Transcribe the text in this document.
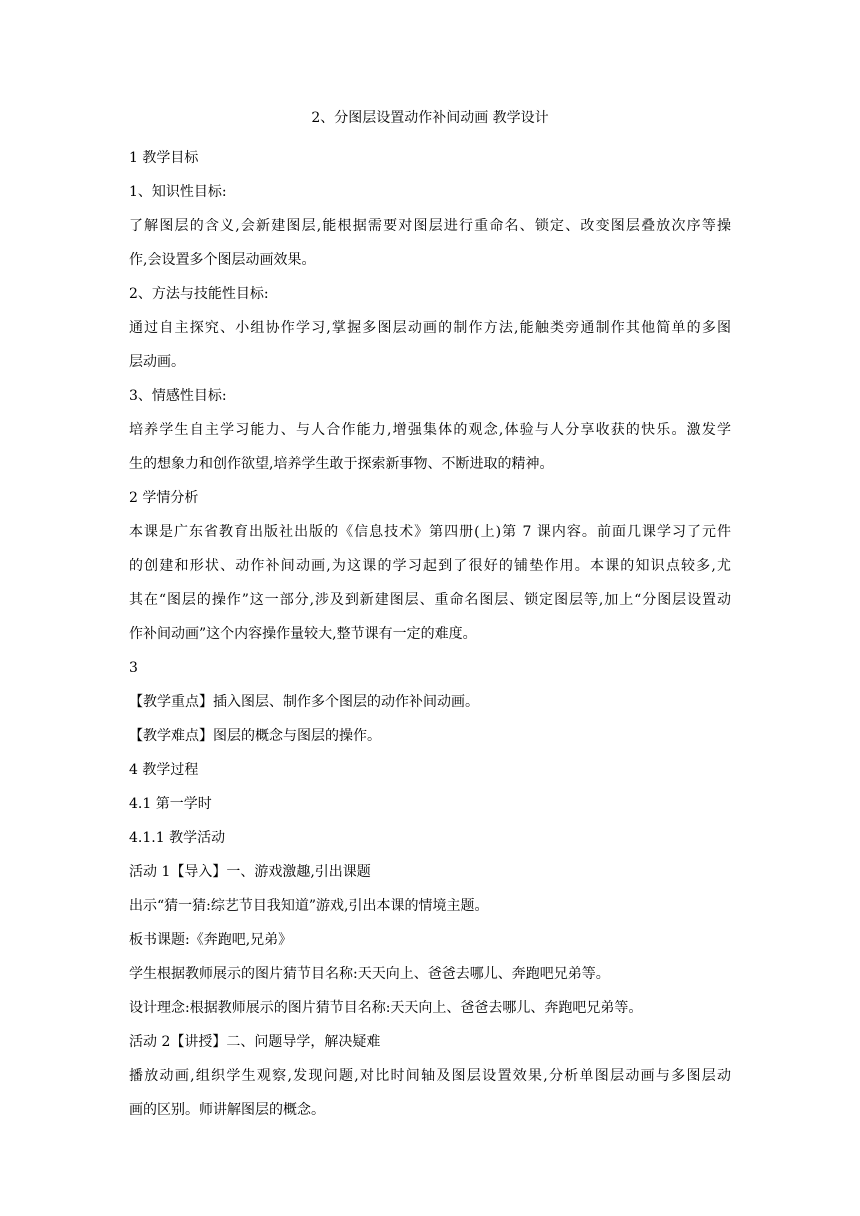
2、分图层设置动作补间动画 教学设计

1 教学目标

1、知识性目标:

了解图层的含义,会新建图层,能根据需要对图层进行重命名、锁定、改变图层叠放次序等操
作,会设置多个图层动画效果。

2、方法与技能性目标:

通过自主探究、小组协作学习,掌握多图层动画的制作方法,能触类旁通制作其他简单的多图
层动画。

3、情感性目标:

培养学生自主学习能力、与人合作能力,增强集体的观念,体验与人分享收获的快乐。激发学
生的想象力和创作欲望,培养学生敢于探索新事物、不断进取的精神。

2 学情分析

本课是广东省教育出版社出版的《信息技术》第四册(上)第 7 课内容。前面几课学习了元件
的创建和形状、动作补间动画,为这课的学习起到了很好的铺垫作用。本课的知识点较多,尤
其在“图层的操作”这一部分,涉及到新建图层、重命名图层、锁定图层等,加上“分图层设置动
作补间动画”这个内容操作量较大,整节课有一定的难度。

3

【教学重点】插入图层、制作多个图层的动作补间动画。

【教学难点】图层的概念与图层的操作。

4 教学过程

4.1 第一学时

4.1.1 教学活动

活动 1【导入】一、游戏激趣,引出课题

出示“猜一猜:综艺节目我知道”游戏,引出本课的情境主题。

板书课题:《奔跑吧,兄弟》

学生根据教师展示的图片猜节目名称:天天向上、爸爸去哪儿、奔跑吧兄弟等。

设计理念:根据教师展示的图片猜节目名称:天天向上、爸爸去哪儿、奔跑吧兄弟等。

活动 2【讲授】二、问题导学，解决疑难

播放动画,组织学生观察,发现问题,对比时间轴及图层设置效果,分析单图层动画与多图层动
画的区别。师讲解图层的概念。
